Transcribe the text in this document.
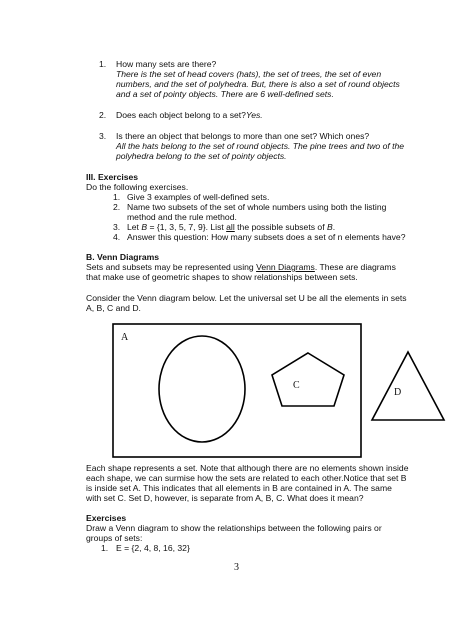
1. How many sets are there?
There is the set of head covers (hats), the set of trees, the set of even
numbers, and the set of polyhedra. But, there is also a set of round objects
and a set of pointy objects. There are 6 well-defined sets.
2. Does each object belong to a set?Yes.
3. Is there an object that belongs to more than one set? Which ones?
All the hats belong to the set of round objects. The pine trees and two of the
polyhedra belong to the set of pointy objects.
III. Exercises
Do the following exercises.
1. Give 3 examples of well-defined sets.
2. Name two subsets of the set of whole numbers using both the listing
method and the rule method.
3. Let B = {1, 3, 5, 7, 9}. List all the possible subsets of B.
4. Answer this question: How many subsets does a set of n elements have?
B. Venn Diagrams
Sets and subsets may be represented using Venn Diagrams. These are diagrams
that make use of geometric shapes to show relationships between sets.
Consider the Venn diagram below. Let the universal set U be all the elements in sets
A, B, C and D.
A
C
D
Each shape represents a set. Note that although there are no elements shown inside
each shape, we can surmise how the sets are related to each other.Notice that set B
is inside set A. This indicates that all elements in B are contained in A. The same
with set C. Set D, however, is separate from A, B, C. What does it mean?
Exercises
Draw a Venn diagram to show the relationships between the following pairs or
groups of sets:
1. E = {2, 4, 8, 16, 32}
3
